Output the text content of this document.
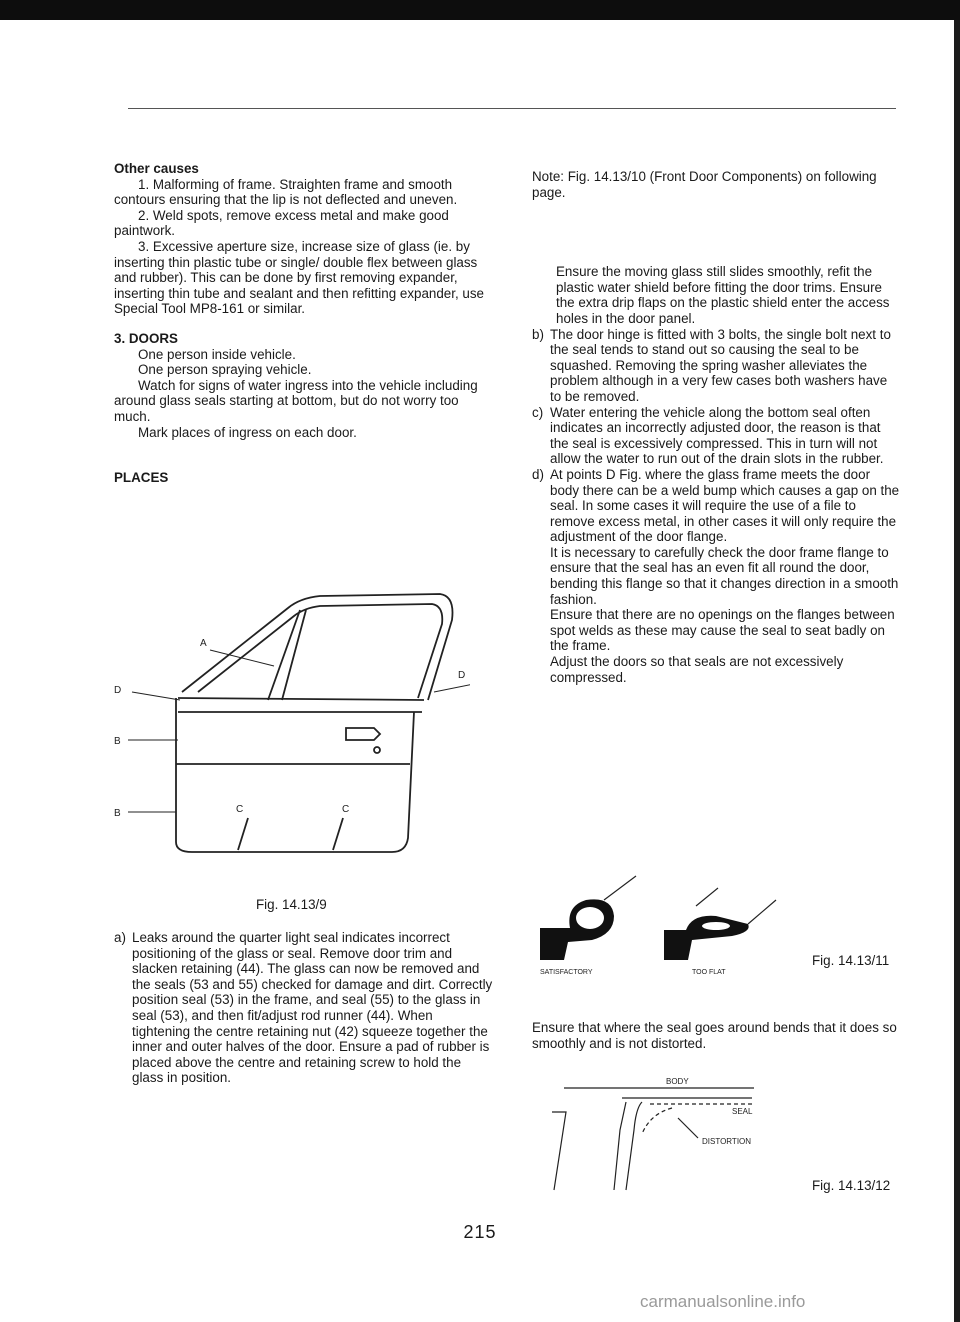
Other causes

1. Malforming of frame. Straighten frame and smooth contours ensuring that the lip is not deflected and uneven.

2. Weld spots, remove excess metal and make good paintwork.

3. Excessive aperture size, increase size of glass (ie. by inserting thin plastic tube or single/ double flex between glass and rubber). This can be done by first removing expander, inserting thin tube and sealant and then refitting expander, use Special Tool MP8-161 or similar.

3. DOORS

One person inside vehicle.

One person spraying vehicle.

Watch for signs of water ingress into the vehicle including around glass seals starting at bottom, but do not worry too much.

Mark places of ingress on each door.

PLACES

A
D
D
B
B	C	C
Fig. 14.13/9
a) Leaks around the quarter light seal indicates incorrect positioning of the glass or seal. Remove door trim and slacken retaining (44). The glass can now be removed and the seals (53 and 55) checked for damage and dirt. Correctly position seal (53) in the frame, and seal (55) to the glass in seal (53), and then fit/adjust rod runner (44). When tightening the centre retaining nut (42) squeeze together the inner and outer halves of the door. Ensure a pad of rubber is placed above the centre and retaining screw to hold the glass in position.

Note: Fig. 14.13/10 (Front Door Components) on following page.

Ensure the moving glass still slides smoothly, refit the plastic water shield before fitting the door trims. Ensure the extra drip flaps on the plastic shield enter the access holes in the door panel.

b) The door hinge is fitted with 3 bolts, the single bolt next to the seal tends to stand out so causing the seal to be squashed. Removing the spring washer alleviates the problem although in a very few cases both washers have to be removed.

c) Water entering the vehicle along the bottom seal often indicates an incorrectly adjusted door, the reason is that the seal is excessively compressed. This in turn will not allow the water to run out of the drain slots in the rubber.

d) At points D Fig. where the glass frame meets the door body there can be a weld bump which causes a gap on the seal. In some cases it will require the use of a file to remove excess metal, in other cases it will only require the adjustment of the door flange.

It is necessary to carefully check the door frame flange to ensure that the seal has an even fit all round the door, bending this flange so that it changes direction in a smooth fashion.

Ensure that there are no openings on the flanges between spot welds as these may cause the seal to seat badly on the frame.

Adjust the doors so that seals are not excessively compressed.

SATISFACTORY	TOO FLAT
Fig. 14.13/11

Ensure that where the seal goes around bends that it does so smoothly and is not distorted.

BODY
SEAL
DISTORTION
Fig. 14.13/12
215
carmanualsonline.info
